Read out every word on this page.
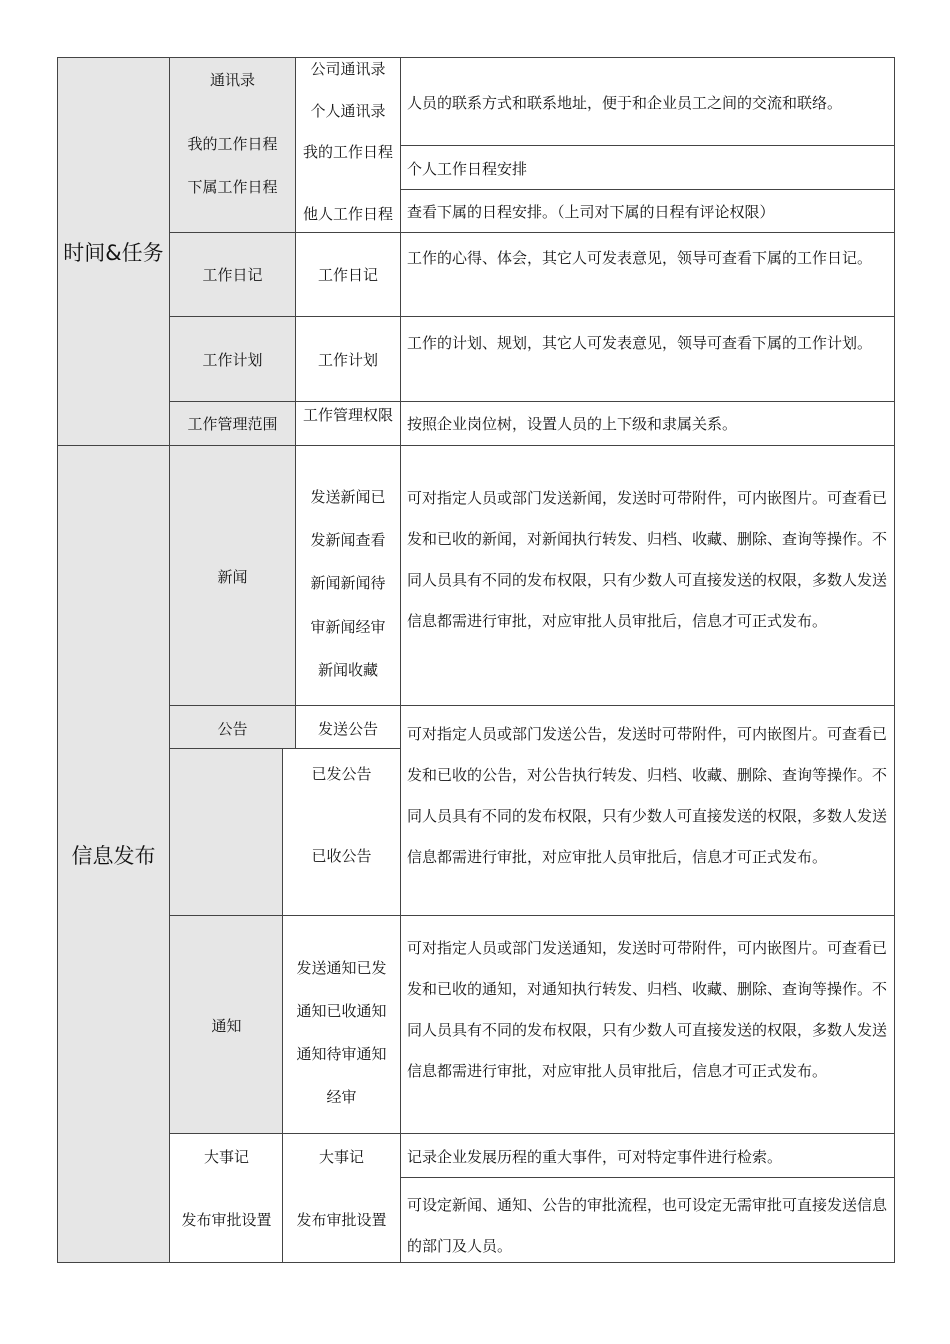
时间&任务
信息发布
通讯录
我的工作日程
下属工作日程
工作日记
工作计划
工作管理范围
公司通讯录
个人通讯录
我的工作日程
他人工作日程
工作日记
工作计划
工作管理权限
人员的联系方式和联系地址，便于和企业员工之间的交流和联络。
个人工作日程安排
查看下属的日程安排。（上司对下属的日程有评论权限）
工作的心得、体会，其它人可发表意见，领导可查看下属的工作日记。
工作的计划、规划，其它人可发表意见，领导可查看下属的工作计划。
按照企业岗位树，设置人员的上下级和隶属关系。
新闻
公告
通知
大事记
发布审批设置
发送新闻已
发新闻查看
新闻新闻待
审新闻经审
新闻收藏
发送公告
已发公告
已收公告
发送通知已发
通知已收通知
通知待审通知
经审
大事记
发布审批设置
可对指定人员或部门发送新闻，发送时可带附件，可内嵌图片。可查看已发和已收的新闻，对新闻执行转发、归档、收藏、删除、查询等操作。不同人员具有不同的发布权限，只有少数人可直接发送的权限，多数人发送信息都需进行审批，对应审批人员审批后，信息才可正式发布。
可对指定人员或部门发送公告，发送时可带附件，可内嵌图片。可查看已发和已收的公告，对公告执行转发、归档、收藏、删除、查询等操作。不同人员具有不同的发布权限，只有少数人可直接发送的权限，多数人发送信息都需进行审批，对应审批人员审批后，信息才可正式发布。
可对指定人员或部门发送通知，发送时可带附件，可内嵌图片。可查看已发和已收的通知，对通知执行转发、归档、收藏、删除、查询等操作。不同人员具有不同的发布权限，只有少数人可直接发送的权限，多数人发送信息都需进行审批，对应审批人员审批后，信息才可正式发布。
记录企业发展历程的重大事件，可对特定事件进行检索。
可设定新闻、通知、公告的审批流程，也可设定无需审批可直接发送信息的部门及人员。
